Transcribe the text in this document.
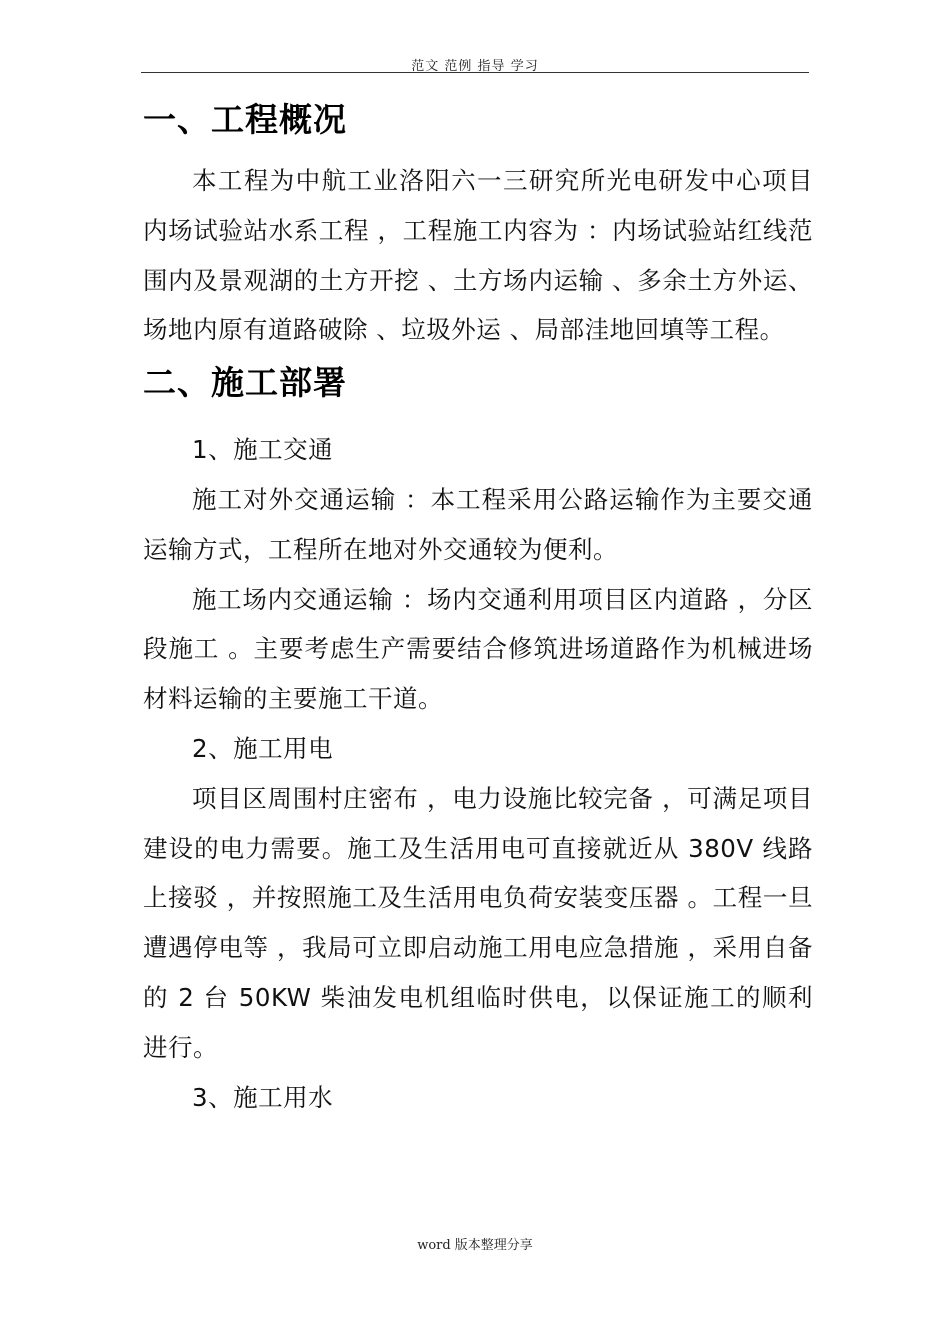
范文 范例 指导 学习
一、工程概况

本工程为中航工业洛阳六一三研究所光电研发中心项目内场试验站水系工程 ，工程施工内容为 ：内场试验站红线范围内及景观湖的土方开挖 、土方场内运输 、多余土方外运、场地内原有道路破除 、垃圾外运 、局部洼地回填等工程。

二、施工部署

1、施工交通

施工对外交通运输 ：本工程采用公路运输作为主要交通运输方式，工程所在地对外交通较为便利。

施工场内交通运输 ：场内交通利用项目区内道路 ，分区段施工 。主要考虑生产需要结合修筑进场道路作为机械进场材料运输的主要施工干道。

2、施工用电

项目区周围村庄密布 ，电力设施比较完备 ，可满足项目建设的电力需要。施工及生活用电可直接就近从 380V 线路上接驳 ，并按照施工及生活用电负荷安装变压器 。工程一旦遭遇停电等 ，我局可立即启动施工用电应急措施 ，采用自备的 2 台 50KW 柴油发电机组临时供电，以保证施工的顺利进行。

3、施工用水

word 版本整理分享
